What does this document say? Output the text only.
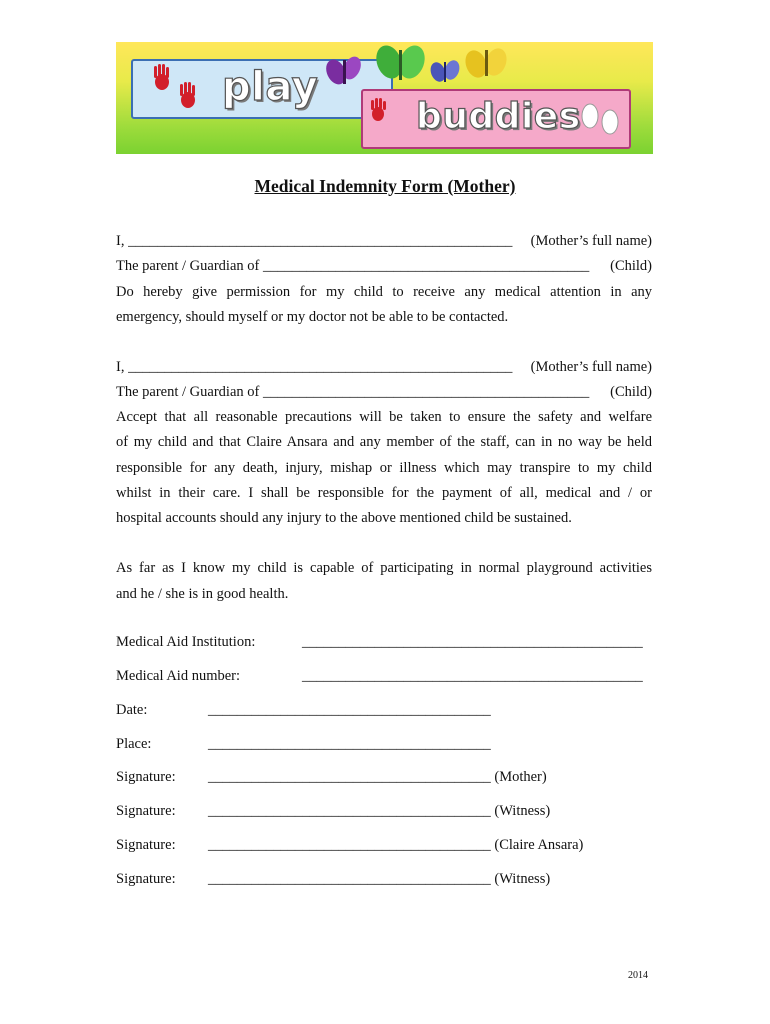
play
buddies
Medical Indemnity Form (Mother)
I, _____________________________________________________ (Mother’s full name)
The parent / Guardian of _____________________________________________ (Child)
Do hereby give permission for my child to receive any medical attention in any
emergency, should myself or my doctor not be able to be contacted.
I, _____________________________________________________ (Mother’s full name)
The parent / Guardian of _____________________________________________ (Child)
Accept that all reasonable precautions will be taken to ensure the safety and welfare
of my child and that Claire Ansara and any member of the staff, can in no way be held
responsible for any death, injury, mishap or illness which may transpire to my child
whilst in their care. I shall be responsible for the payment of all, medical and / or
hospital accounts should any injury to the above mentioned child be sustained.
As far as I know my child is capable of participating in normal playground activities
and he / she is in good health.
Medical Aid Institution:	_______________________________________________
Medical Aid number:	_______________________________________________
Date:	_______________________________________
Place:	_______________________________________
Signature: _______________________________________ (Mother)
Signature: _______________________________________ (Witness)
Signature: _______________________________________ (Claire Ansara)
Signature: _______________________________________ (Witness)
2014
